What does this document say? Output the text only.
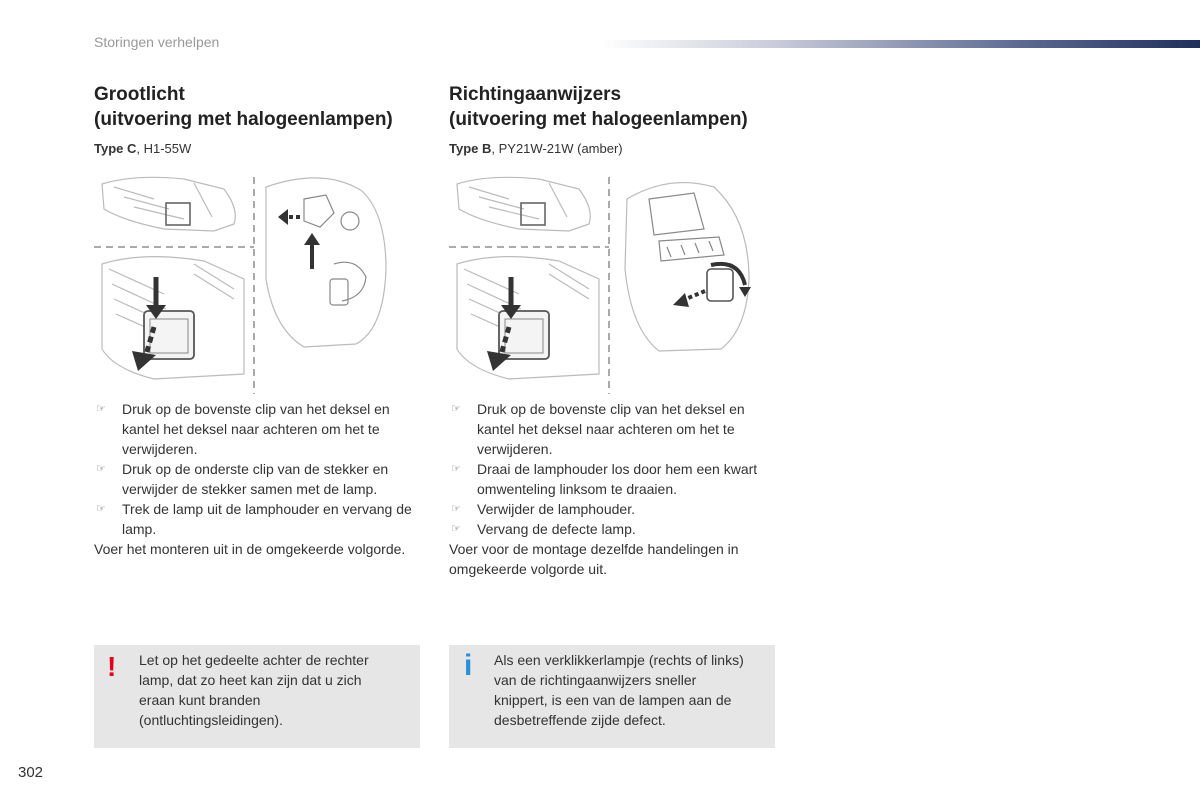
Storingen verhelpen
Grootlicht
(uitvoering met halogeenlampen)
Type C, H1-55W
☞ Druk op de bovenste clip van het deksel en kantel het deksel naar achteren om het te verwijderen.
☞ Druk op de onderste clip van de stekker en verwijder de stekker samen met de lamp.
☞ Trek de lamp uit de lamphouder en vervang de lamp.
Voer het monteren uit in de omgekeerde volgorde.
Richtingaanwijzers
(uitvoering met halogeenlampen)
Type B, PY21W-21W (amber)
☞ Druk op de bovenste clip van het deksel en kantel het deksel naar achteren om het te verwijderen.
☞ Draai de lamphouder los door hem een kwart omwenteling linksom te draaien.
☞ Verwijder de lamphouder.
☞ Vervang de defecte lamp.
Voer voor de montage dezelfde handelingen in omgekeerde volgorde uit.
! Let op het gedeelte achter de rechter lamp, dat zo heet kan zijn dat u zich eraan kunt branden (ontluchtingsleidingen).
i Als een verklikkerlampje (rechts of links) van de richtingaanwijzers sneller knippert, is een van de lampen aan de desbetreffende zijde defect.
302
